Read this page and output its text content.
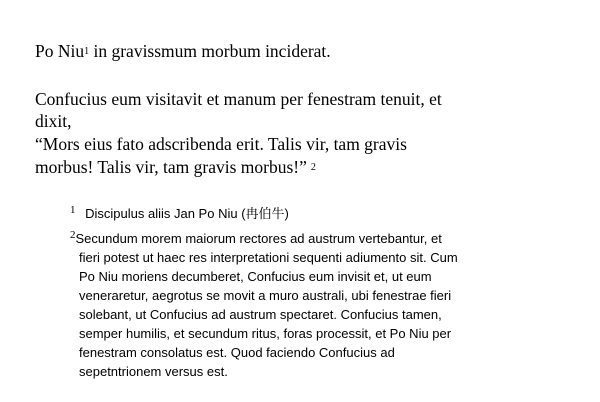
Po Niu$^1$ in gravissmum morbum inciderat.
Confucius eum visitavit et manum per fenestram tenuit, et
dixit,
“Mors eius fato adscribenda erit. Talis vir, tam gravis
morbus! Talis vir, tam gravis morbus!” $^2$
$^1$ Discipulus aliis Jan Po Niu (冉伯牛)
$^2$Secundum morem maiorum rectores ad austrum vertebantur, et
fieri potest ut haec res interpretationi sequenti adiumento sit. Cum
Po Niu moriens decumberet, Confucius eum invisit et, ut eum
veneraretur, aegrotus se movit a muro australi, ubi fenestrae fieri
solebant, ut Confucius ad austrum spectaret. Confucius tamen,
semper humilis, et secundum ritus, foras processit, et Po Niu per
fenestram consolatus est. Quod faciendo Confucius ad
sepetntrionem versus est.
